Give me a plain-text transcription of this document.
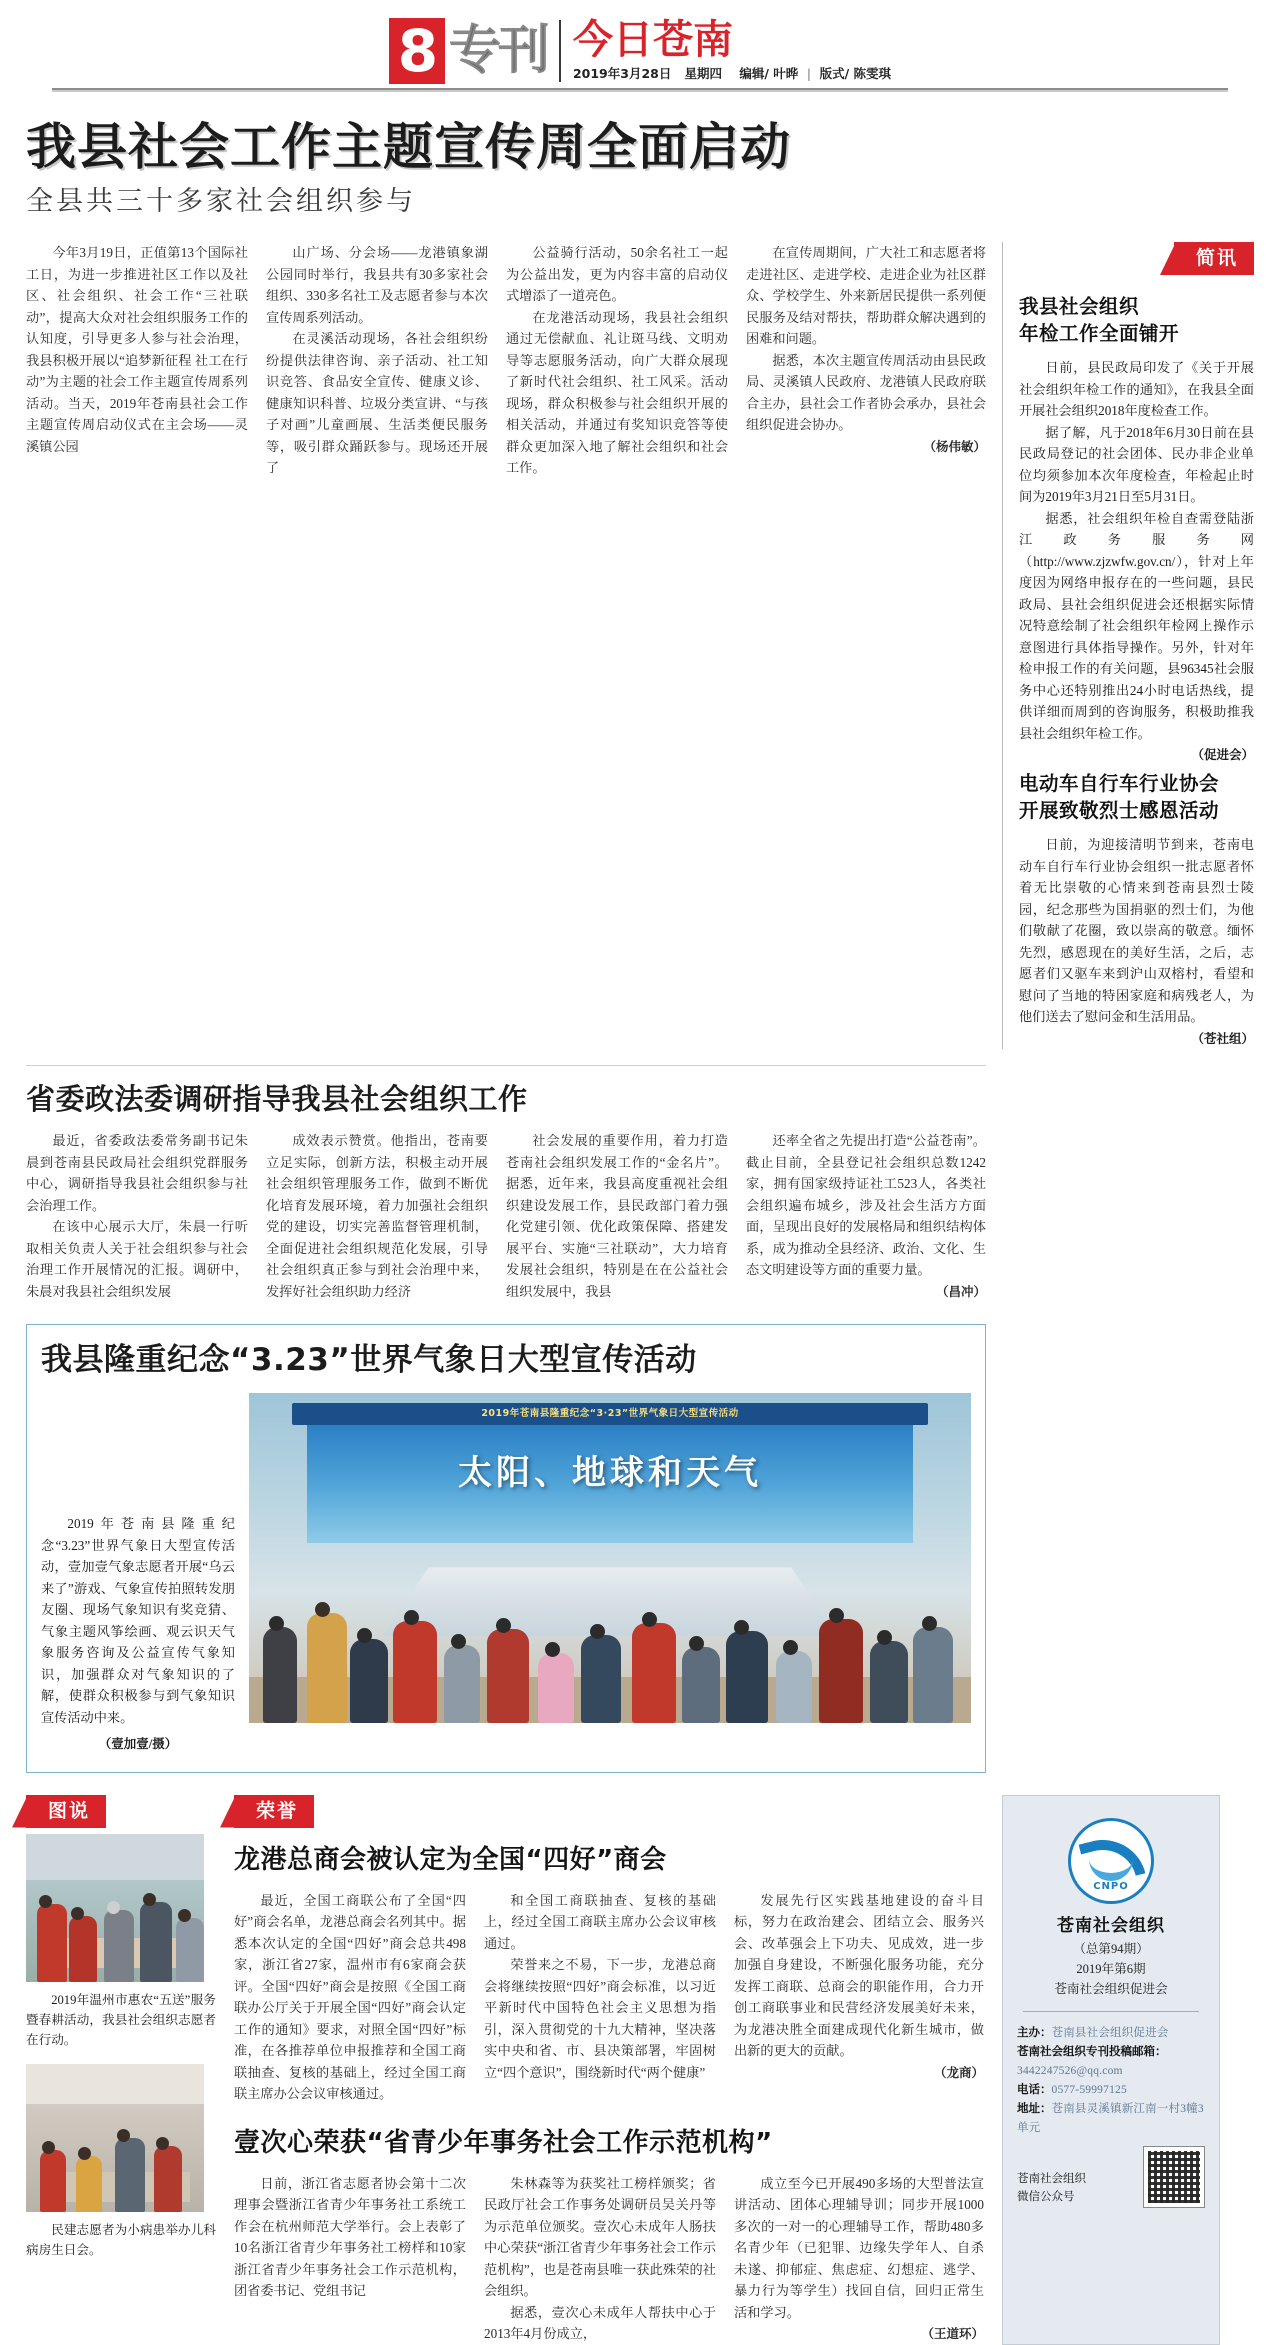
8 专刊 今日苍南
2019年3月28日 星期四 编辑/ 叶晔 | 版式/ 陈雯琪
我县社会工作主题宣传周全面启动
全县共三十多家社会组织参与

今年3月19日，正值第13个国际社工日，为进一步推进社区工作以及社区、社会组织、社会工作“三社联动”，提高大众对社会组织服务工作的认知度，引导更多人参与社会治理，我县积极开展以“追梦新征程 社工在行动”为主题的社会工作主题宣传周系列活动。当天，2019年苍南县社会工作主题宣传周启动仪式在主会场——灵溪镇公园

山广场、分会场——龙港镇象湖公园同时举行，我县共有30多家社会组织、330多名社工及志愿者参与本次宣传周系列活动。

在灵溪活动现场，各社会组织纷纷提供法律咨询、亲子活动、社工知识竞答、食品安全宣传、健康义诊、健康知识科普、垃圾分类宣讲、“与孩子对画”儿童画展、生活类便民服务等，吸引群众踊跃参与。现场还开展了

公益骑行活动，50余名社工一起为公益出发，更为内容丰富的启动仪式增添了一道亮色。

在龙港活动现场，我县社会组织通过无偿献血、礼让斑马线、文明劝导等志愿服务活动，向广大群众展现了新时代社会组织、社工风采。活动现场，群众积极参与社会组织开展的相关活动，并通过有奖知识竞答等使群众更加深入地了解社会组织和社会工作。

在宣传周期间，广大社工和志愿者将走进社区、走进学校、走进企业为社区群众、学校学生、外来新居民提供一系列便民服务及结对帮扶，帮助群众解决遇到的困难和问题。

据悉，本次主题宣传周活动由县民政局、灵溪镇人民政府、龙港镇人民政府联合主办，县社会工作者协会承办，县社会组织促进会协办。

（杨伟敏）
简讯
我县社会组织
年检工作全面铺开

日前，县民政局印发了《关于开展社会组织年检工作的通知》，在我县全面开展社会组织2018年度检查工作。

据了解，凡于2018年6月30日前在县民政局登记的社会团体、民办非企业单位均须参加本次年度检查，年检起止时间为2019年3月21日至5月31日。

据悉，社会组织年检自查需登陆浙江政务服务网（http://www.zjzwfw.gov.cn/），针对上年度因为网络申报存在的一些问题，县民政局、县社会组织促进会还根据实际情况特意绘制了社会组织年检网上操作示意图进行具体指导操作。另外，针对年检申报工作的有关问题，县96345社会服务中心还特别推出24小时电话热线，提供详细而周到的咨询服务，积极助推我县社会组织年检工作。

（促进会）
电动车自行车行业协会
开展致敬烈士感恩活动

日前，为迎接清明节到来，苍南电动车自行车行业协会组织一批志愿者怀着无比崇敬的心情来到苍南县烈士陵园，纪念那些为国捐驱的烈士们，为他们敬献了花圈，致以崇高的敬意。缅怀先烈，感恩现在的美好生活，之后，志愿者们又驱车来到沪山双榕村，看望和慰问了当地的特困家庭和病残老人，为他们送去了慰问金和生活用品。

（苍社组）
省委政法委调研指导我县社会组织工作

最近，省委政法委常务副书记朱晨到苍南县民政局社会组织党群服务中心，调研指导我县社会组织参与社会治理工作。

在该中心展示大厅，朱晨一行听取相关负责人关于社会组织参与社会治理工作开展情况的汇报。调研中，朱晨对我县社会组织发展

成效表示赞赏。他指出，苍南要立足实际，创新方法，积极主动开展社会组织管理服务工作，做到不断优化培育发展环境，着力加强社会组织党的建设，切实完善监督管理机制，全面促进社会组织规范化发展，引导社会组织真正参与到社会治理中来，发挥好社会组织助力经济

社会发展的重要作用，着力打造苍南社会组织发展工作的“金名片”。据悉，近年来，我县高度重视社会组织建设发展工作，县民政部门着力强化党建引领、优化政策保障、搭建发展平台、实施“三社联动”，大力培育发展社会组织，特别是在在公益社会组织发展中，我县

还率全省之先提出打造“公益苍南”。截止目前，全县登记社会组织总数1242家，拥有国家级持证社工523人，各类社会组织遍布城乡，涉及社会生活方方面面，呈现出良好的发展格局和组织结构体系，成为推动全县经济、政治、文化、生态文明建设等方面的重要力量。

（昌冲）
我县隆重纪念“3.23”世界气象日大型宣传活动

2019年苍南县隆重纪念“3.23”世界气象日大型宣传活动，壹加壹气象志愿者开展“乌云来了”游戏、气象宣传拍照转发朋友圈、现场气象知识有奖竞猜、气象主题风筝绘画、观云识天气象服务咨询及公益宣传气象知识，加强群众对气象知识的了解，使群众积极参与到气象知识宣传活动中来。

（壹加壹/摄）
2019年苍南县隆重纪念“3·23”世界气象日大型宣传活动
太阳、地球和天气
图说

2019年温州市惠农“五送”服务暨春耕活动，我县社会组织志愿者在行动。

民建志愿者为小病患举办儿科病房生日会。

荣誉
龙港总商会被认定为全国“四好”商会

最近，全国工商联公布了全国“四好”商会名单，龙港总商会名列其中。据悉本次认定的全国“四好”商会总共498家，浙江省27家，温州市有6家商会获评。全国“四好”商会是按照《全国工商联办公厅关于开展全国“四好”商会认定工作的通知》要求，对照全国“四好”标准，在各推荐单位申报推荐和全国工商联抽查、复核的基础上，经过全国工商联主席办公会议审核通过。

和全国工商联抽查、复核的基础上，经过全国工商联主席办公会议审核通过。

荣誉来之不易，下一步，龙港总商会将继续按照“四好”商会标准，以习近平新时代中国特色社会主义思想为指引，深入贯彻党的十九大精神，坚决落实中央和省、市、县决策部署，牢固树立“四个意识”，围绕新时代“两个健康”

发展先行区实践基地建设的奋斗目标，努力在政治建会、团结立会、服务兴会、改革强会上下功夫、见成效，进一步加强自身建设，不断强化服务功能，充分发挥工商联、总商会的职能作用，合力开创工商联事业和民营经济发展美好未来，为龙港决胜全面建成现代化新生城市，做出新的更大的贡献。

（龙商）
壹次心荣获“省青少年事务社会工作示范机构”

日前，浙江省志愿者协会第十二次理事会暨浙江省青少年事务社工系统工作会在杭州师范大学举行。会上表彰了10名浙江省青少年事务社工榜样和10家浙江省青少年事务社会工作示范机构，团省委书记、党组书记

朱林森等为获奖社工榜样颁奖；省民政厅社会工作事务处调研员吴关丹等为示范单位颁奖。壹次心未成年人肠扶中心荣获“浙江省青少年事务社会工作示范机构”，也是苍南县唯一获此殊荣的社会组织。

据悉，壹次心未成年人帮扶中心于2013年4月份成立，

成立至今已开展490多场的大型普法宣讲活动、团体心理辅导训；同步开展1000多次的一对一的心理辅导工作，帮助480多名青少年（已犯罪、边缘失学年人、自杀未遂、抑郁症、焦虑症、幻想症、逃学、暴力行为等学生）找回自信，回归正常生活和学习。

（王道环）
CNPO
苍南社会组织
（总第94期）
2019年第6期
苍南社会组织促进会
主办：苍南县社会组织促进会
苍南社会组织专刊投稿邮箱：
3442247526@qq.com
电话：0577-59997125
地址：苍南县灵溪镇新江南一村3幢3单元
苍南社会组织
微信公众号
